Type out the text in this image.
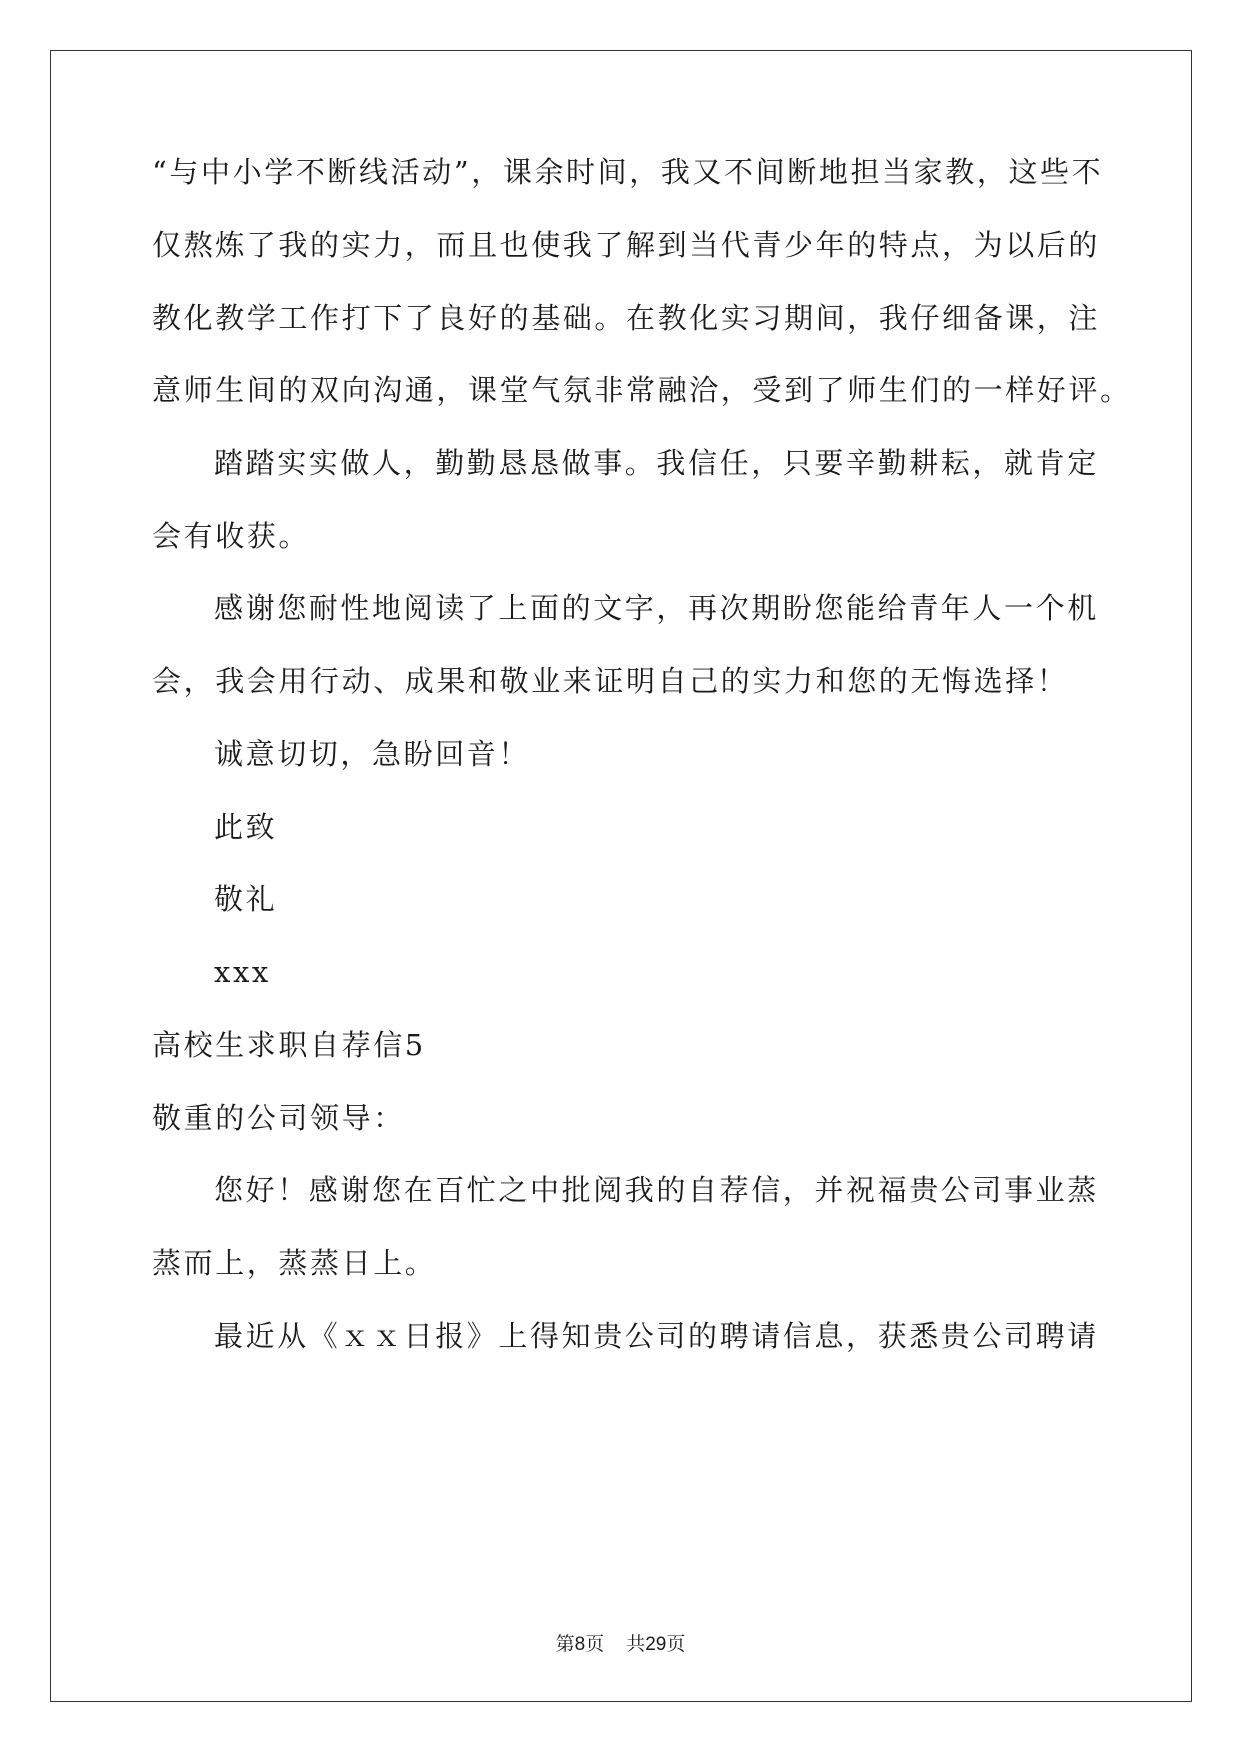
“与中小学不断线活动”，课余时间，我又不间断地担当家教，这些不
仅熬炼了我的实力，而且也使我了解到当代青少年的特点，为以后的
教化教学工作打下了良好的基础。在教化实习期间，我仔细备课，注
意师生间的双向沟通，课堂气氛非常融洽，受到了师生们的一样好评。
踏踏实实做人，勤勤恳恳做事。我信任，只要辛勤耕耘，就肯定
会有收获。
感谢您耐性地阅读了上面的文字，再次期盼您能给青年人一个机
会，我会用行动、成果和敬业来证明自己的实力和您的无悔选择！
诚意切切，急盼回音！
此致
敬礼
xxx
高校生求职自荐信5
敬重的公司领导：
您好！感谢您在百忙之中批阅我的自荐信，并祝福贵公司事业蒸
蒸而上，蒸蒸日上。
最近从《ｘｘ日报》上得知贵公司的聘请信息，获悉贵公司聘请
第8页 共29页
